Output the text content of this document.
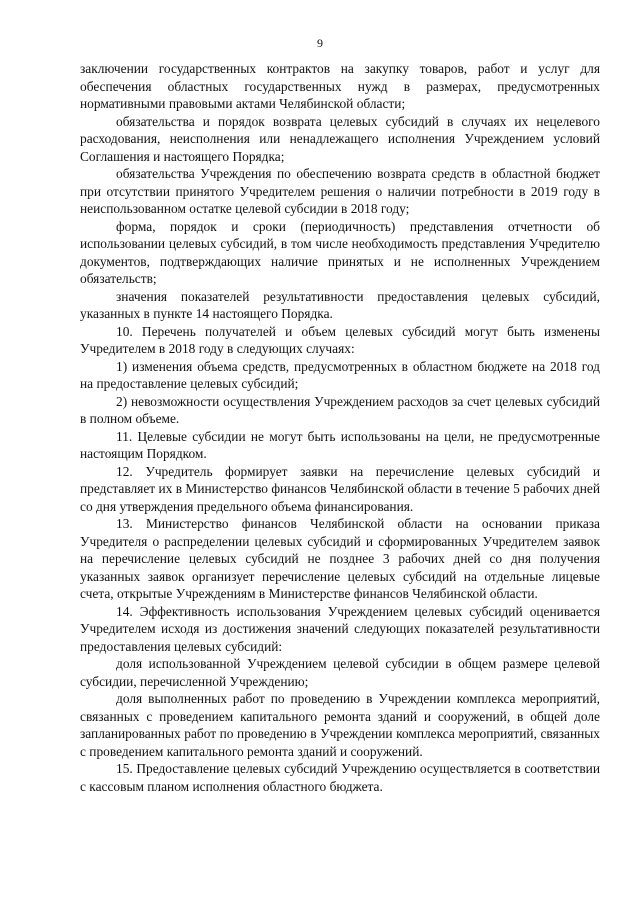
9

заключении государственных контрактов на закупку товаров, работ и услуг для обеспечения областных государственных нужд в размерах, предусмотренных нормативными правовыми актами Челябинской области;

обязательства и порядок возврата целевых субсидий в случаях их нецелевого расходования, неисполнения или ненадлежащего исполнения Учреждением условий Соглашения и настоящего Порядка;

обязательства Учреждения по обеспечению возврата средств в областной бюджет при отсутствии принятого Учредителем решения о наличии потребности в 2019 году в неиспользованном остатке целевой субсидии в 2018 году;

форма, порядок и сроки (периодичность) представления отчетности об использовании целевых субсидий, в том числе необходимость представления Учредителю документов, подтверждающих наличие принятых и не исполненных Учреждением обязательств;

значения показателей результативности предоставления целевых субсидий, указанных в пункте 14 настоящего Порядка.

10. Перечень получателей и объем целевых субсидий могут быть изменены Учредителем в 2018 году в следующих случаях:

1) изменения объема средств, предусмотренных в областном бюджете на 2018 год на предоставление целевых субсидий;

2) невозможности осуществления Учреждением расходов за счет целевых субсидий в полном объеме.

11. Целевые субсидии не могут быть использованы на цели, не предусмотренные настоящим Порядком.

12. Учредитель формирует заявки на перечисление целевых субсидий и представляет их в Министерство финансов Челябинской области в течение 5 рабочих дней со дня утверждения предельного объема финансирования.

13. Министерство финансов Челябинской области на основании приказа Учредителя о распределении целевых субсидий и сформированных Учредителем заявок на перечисление целевых субсидий не позднее 3 рабочих дней со дня получения указанных заявок организует перечисление целевых субсидий на отдельные лицевые счета, открытые Учреждениям в Министерстве финансов Челябинской области.

14. Эффективность использования Учреждением целевых субсидий оценивается Учредителем исходя из достижения значений следующих показателей результативности предоставления целевых субсидий:

доля использованной Учреждением целевой субсидии в общем размере целевой субсидии, перечисленной Учреждению;

доля выполненных работ по проведению в Учреждении комплекса мероприятий, связанных с проведением капитального ремонта зданий и сооружений, в общей доле запланированных работ по проведению в Учреждении комплекса мероприятий, связанных с проведением капитального ремонта зданий и сооружений.

15. Предоставление целевых субсидий Учреждению осуществляется в соответствии с кассовым планом исполнения областного бюджета.
